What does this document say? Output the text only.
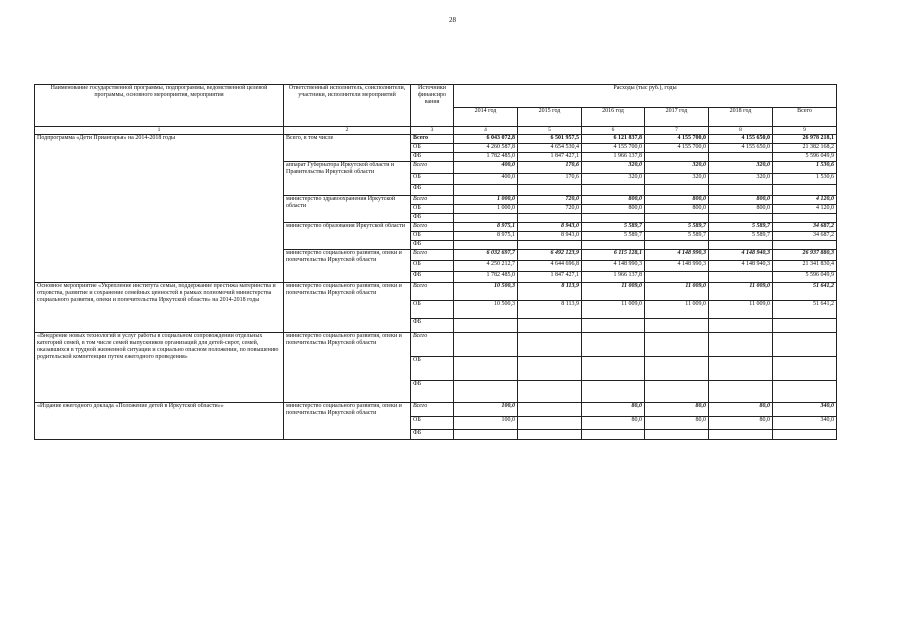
28
Наименование государственной программы, подпрограммы, ведомственной целевой программы, основного мероприятия, мероприятия	Ответственный исполнитель, соисполнители, участники, исполнители мероприятий	Источники финансиро вания	Расходы (тыс руб.), годы					
			2014 год	2015 год	2016 год	2017 год	2018 год	Всего
1	2	3	4	5	6	7	8	9
Подпрограмма «Дети Приангарья» на 2014-2018 годы	Всего, в том числе	Всего	6 043 072,8	6 501 957,5	6 121 837,8	4 155 700,0	4 155 650,0	26 978 218,1
		ОБ	4 260 587,8	4 654 530,4	4 155 700,0	4 155 700,0	4 155 650,0	21 382 168,2
		ФБ	1 782 485,0	1 847 427,1	1 966 137,8			5 596 049,9
	аппарат Губернатора Иркутской области и Правительства Иркутской области	Всего	400,0	170,6	320,0	320,0	320,0	1 530,6
		ОБ	400,0	170,6	320,0	320,0	320,0	1 530,6
		ФБ						
	министерство здравоохранения Иркутской области	Всего	1 000,0	720,0	800,0	800,0	800,0	4 120,0
		ОБ	1 000,0	720,0	800,0	800,0	800,0	4 120,0
		ФБ						
	министерство образования Иркутской области	Всего	8 975,1	8 943,0	5 589,7	5 589,7	5 589,7	34 687,2
		ОБ	8 975,1	8 943,0	5 589,7	5 589,7	5 589,7	34 687,2
		ФБ						
	министерство социального развития, опеки и попечительства Иркутской области	Всего	6 032 697,7	6 492 123,9	6 115 128,1	4 148 990,3	4 148 940,3	26 937 880,3
		ОБ	4 250 212,7	4 644 696,8	4 148 990,3	4 148 990,3	4 148 940,3	21 341 830,4
		ФБ	1 782 485,0	1 847 427,1	1 966 137,8			5 596 049,9
Основное мероприятие «Укрепление института семьи, поддержание престижа материнства и отцовства, развитие и сохранение семейных ценностей в рамках полномочий министерства социального развития, опеки и попечительства Иркутской области» на 2014-2018 годы	министерство социального развития, опеки и попечительства Иркутской области	Всего	10 500,3	8 113,9	11 009,0	11 009,0	11 009,0	51 641,2
		ОБ	10 500,3	8 113,9	11 009,0	11 009,0	11 009,0	51 641,2
		ФБ						
«Внедрение новых технологий и услуг работы в социальном сопровождении отдельных категорий семей, в том числе семей выпускников организаций для детей-сирот, семей, оказавшихся в трудной жизненной ситуации и социально опасном положении, по повышению родительской компетенции путем ежегодного проведения»	министерство социального развития, опеки и попечительства Иркутской области	Всего						
		ОБ						
		ФБ						
«Издание ежегодного доклада «Положение детей в Иркутской области»»	министерство социального развития, опеки и попечительства Иркутской области	Всего	100,0		80,0	80,0	80,0	340,0
		ОБ	100,0		80,0	80,0	80,0	340,0
		ФБ						
